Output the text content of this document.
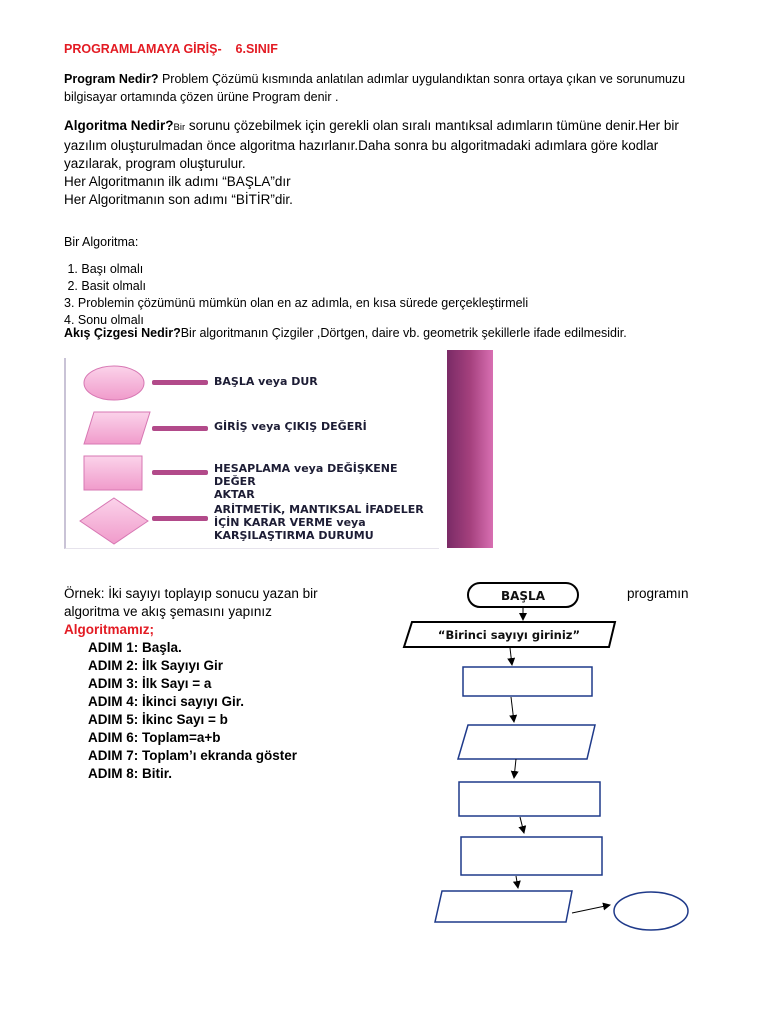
PROGRAMLAMAYA GİRİŞ-    6.SINIF
Program Nedir? Problem Çözümü kısmında anlatılan adımlar uygulandıktan sonra ortaya çıkan ve sorunumuzu
bilgisayar ortamında çözen ürüne Program denir .
Algoritma Nedir?Bir sorunu çözebilmek için gerekli olan sıralı mantıksal adımların tümüne denir.Her bir
yazılım oluşturulmadan önce algoritma hazırlanır.Daha sonra bu algoritmadaki adımlara göre kodlar
yazılarak, program oluşturulur.
Her Algoritmanın ilk adımı “BAŞLA”dır
Her Algoritmanın son adımı “BİTİR”dir.
Bir Algoritma:
1. Başı olmalı
2. Basit olmalı
3. Problemin çözümünü mümkün olan en az adımla, en kısa sürede gerçekleştirmeli
4. Sonu olmalı
Akış Çizgesi Nedir?Bir algoritmanın Çizgiler ,Dörtgen, daire vb. geometrik şekillerle ifade edilmesidir.
BAŞLA veya DUR
GİRİŞ veya ÇIKIŞ DEĞERİ
HESAPLAMA veya DEĞİŞKENE DEĞER
AKTAR
ARİTMETİK, MANTIKSAL İFADELER
İÇİN KARAR VERME veya
KARŞILAŞTIRMA DURUMU
Örnek: İki sayıyı toplayıp sonucu yazan bir	programın
algoritma ve akış şemasını yapınız
Algoritmamız;
ADIM 1: Başla.
ADIM 2: İlk Sayıyı Gir
ADIM 3: İlk Sayı = a
ADIM 4: İkinci sayıyı Gir.
ADIM 5: İkinc Sayı = b
ADIM 6: Toplam=a+b
ADIM 7: Toplam’ı ekranda göster
ADIM 8: Bitir.
BAŞLA
“Birinci sayıyı giriniz”
